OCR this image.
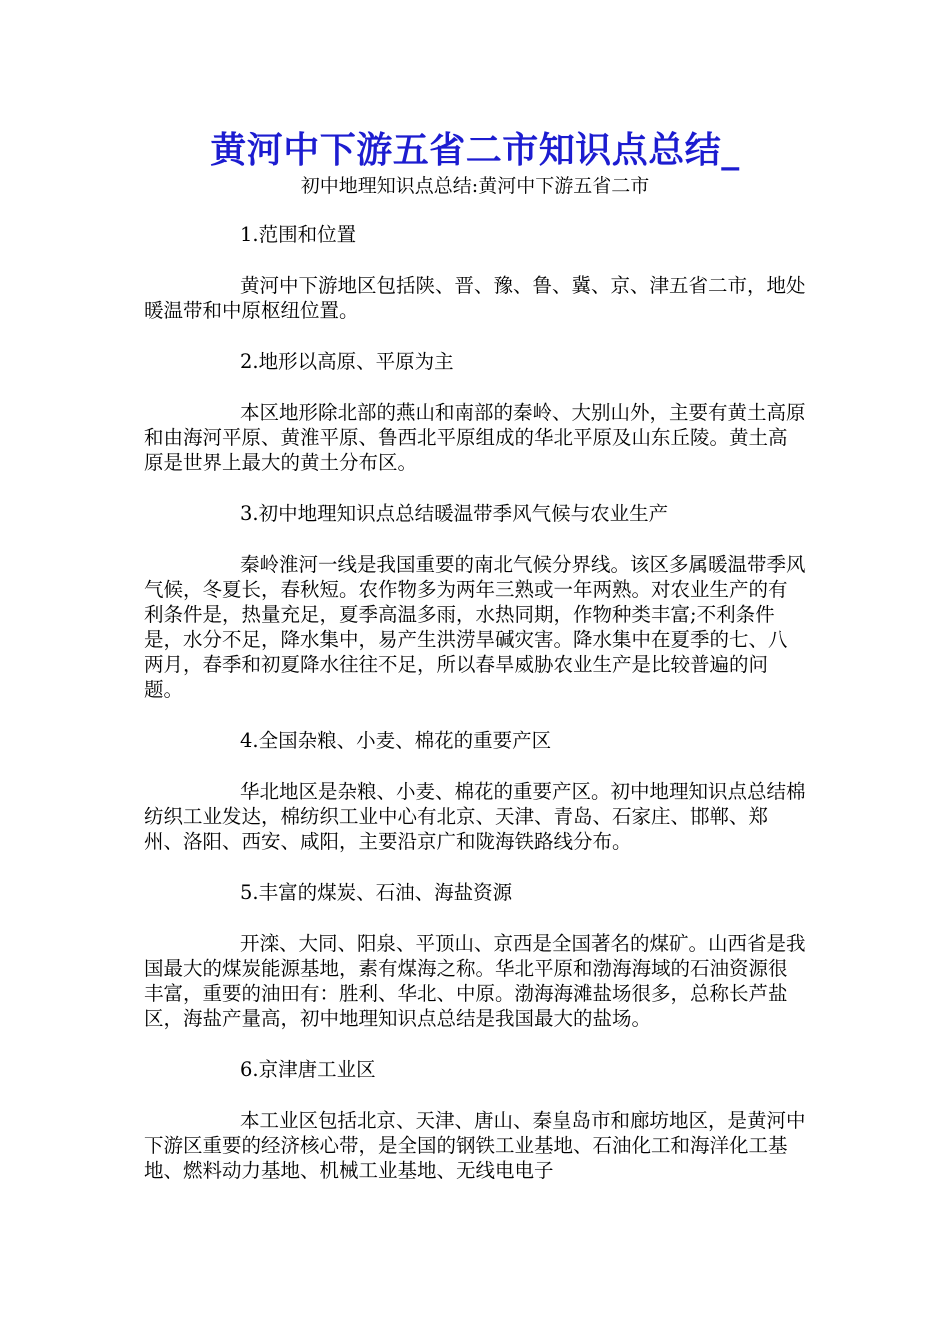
黄河中下游五省二市知识点总结_
初中地理知识点总结:黄河中下游五省二市

1.范围和位置

黄河中下游地区包括陕、晋、豫、鲁、冀、京、津五省二市，地处暖温带和中原枢纽位置。

2.地形以高原、平原为主

本区地形除北部的燕山和南部的秦岭、大别山外，主要有黄土高原和由海河平原、黄淮平原、鲁西北平原组成的华北平原及山东丘陵。黄土高原是世界上最大的黄土分布区。

3.初中地理知识点总结暖温带季风气候与农业生产

秦岭淮河一线是我国重要的南北气候分界线。该区多属暖温带季风气候，冬夏长，春秋短。农作物多为两年三熟或一年两熟。对农业生产的有利条件是，热量充足，夏季高温多雨，水热同期，作物种类丰富;不利条件是，水分不足，降水集中，易产生洪涝旱碱灾害。降水集中在夏季的七、八两月，春季和初夏降水往往不足，所以春旱威胁农业生产是比较普遍的问题。

4.全国杂粮、小麦、棉花的重要产区

华北地区是杂粮、小麦、棉花的重要产区。初中地理知识点总结棉纺织工业发达，棉纺织工业中心有北京、天津、青岛、石家庄、邯郸、郑州、洛阳、西安、咸阳，主要沿京广和陇海铁路线分布。

5.丰富的煤炭、石油、海盐资源

开滦、大同、阳泉、平顶山、京西是全国著名的煤矿。山西省是我国最大的煤炭能源基地，素有煤海之称。华北平原和渤海海域的石油资源很丰富，重要的油田有：胜利、华北、中原。渤海海滩盐场很多，总称长芦盐区，海盐产量高，初中地理知识点总结是我国最大的盐场。

6.京津唐工业区

本工业区包括北京、天津、唐山、秦皇岛市和廊坊地区，是黄河中下游区重要的经济核心带，是全国的钢铁工业基地、石油化工和海洋化工基地、燃料动力基地、机械工业基地、无线电电子
